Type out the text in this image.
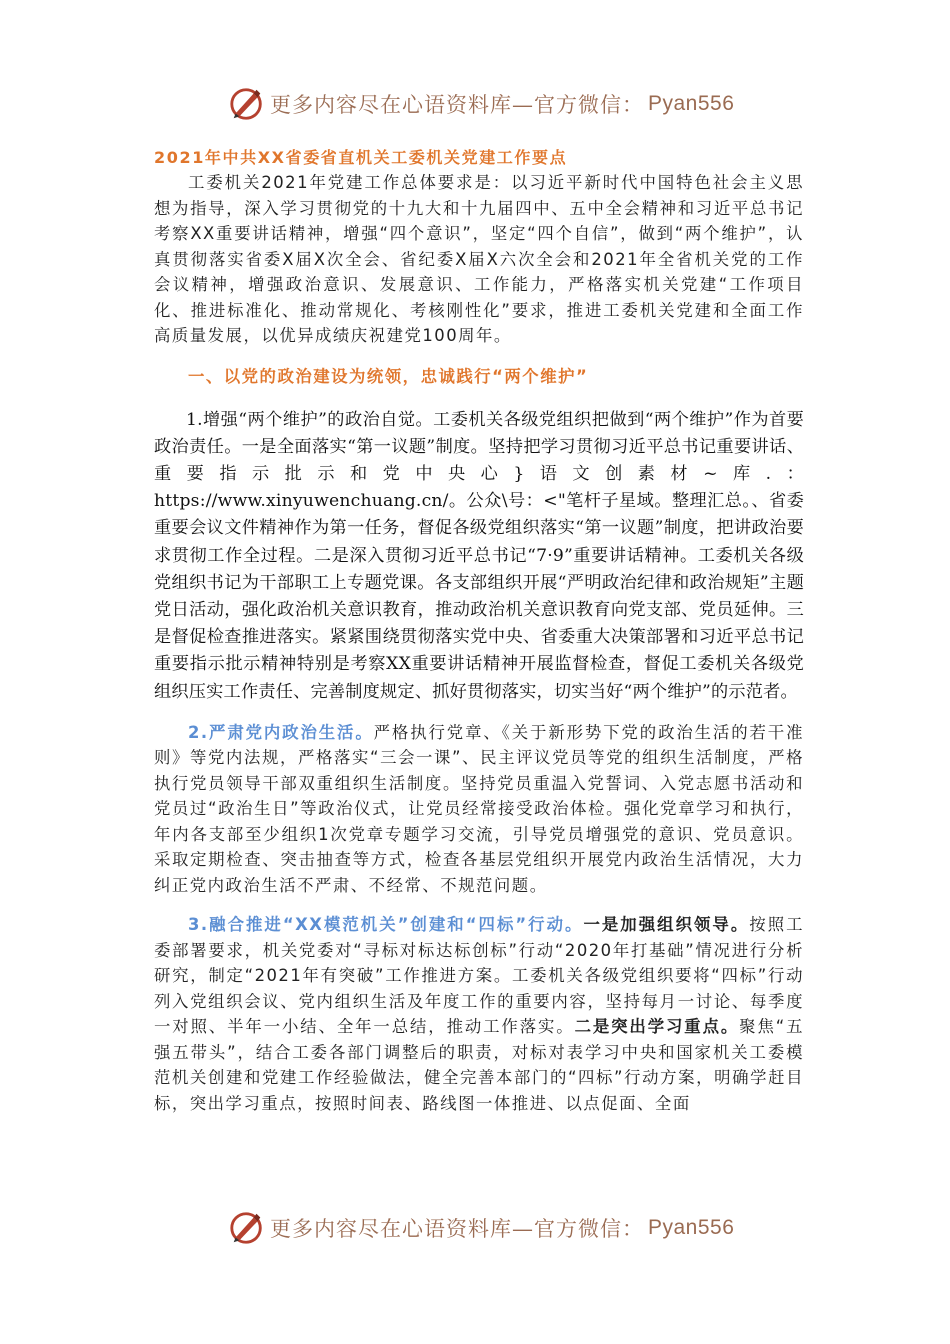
更多内容尽在心语资料库—官方微信： Pyan556

2021年中共XX省委省直机关工委机关党建工作要点

工委机关2021年党建工作总体要求是：以习近平新时代中国特色社会主义思想为指导，深入学习贯彻党的十九大和十九届四中、五中全会精神和习近平总书记考察XX重要讲话精神，增强“四个意识”，坚定“四个自信”，做到“两个维护”，认真贯彻落实省委X届X次全会、省纪委X届X六次全会和2021年全省机关党的工作会议精神，增强政治意识、发展意识、工作能力，严格落实机关党建“工作项目化、推进标准化、推动常规化、考核刚性化”要求，推进工委机关党建和全面工作高质量发展，以优异成绩庆祝建党100周年。

一、以党的政治建设为统领，忠诚践行“两个维护”

1.增强“两个维护”的政治自觉。工委机关各级党组织把做到“两个维护”作为首要政治责任。一是全面落实“第一议题”制度。坚持把学习贯彻习近平总书记重要讲话、重要指示批示和党中央心}语文创素材~库.：https://www.xinyuwenchuang.cn/。公众\号：<"笔杆子星域。整理汇总。、省委重要会议文件精神作为第一任务，督促各级党组织落实“第一议题”制度，把讲政治要求贯彻工作全过程。二是深入贯彻习近平总书记“7·9”重要讲话精神。工委机关各级党组织书记为干部职工上专题党课。各支部组织开展“严明政治纪律和政治规矩”主题党日活动，强化政治机关意识教育，推动政治机关意识教育向党支部、党员延伸。三是督促检查推进落实。紧紧围绕贯彻落实党中央、省委重大决策部署和习近平总书记重要指示批示精神特别是考察XX重要讲话精神开展监督检查，督促工委机关各级党组织压实工作责任、完善制度规定、抓好贯彻落实，切实当好“两个维护”的示范者。

2.严肃党内政治生活。严格执行党章、《关于新形势下党的政治生活的若干准则》等党内法规，严格落实“三会一课”、民主评议党员等党的组织生活制度，严格执行党员领导干部双重组织生活制度。坚持党员重温入党誓词、入党志愿书活动和党员过“政治生日”等政治仪式，让党员经常接受政治体检。强化党章学习和执行，年内各支部至少组织1次党章专题学习交流，引导党员增强党的意识、党员意识。采取定期检查、突击抽查等方式，检查各基层党组织开展党内政治生活情况，大力纠正党内政治生活不严肃、不经常、不规范问题。

3.融合推进“XX模范机关”创建和“四标”行动。一是加强组织领导。按照工委部署要求，机关党委对“寻标对标达标创标”行动“2020年打基础”情况进行分析研究，制定“2021年有突破”工作推进方案。工委机关各级党组织要将“四标”行动列入党组织会议、党内组织生活及年度工作的重要内容，坚持每月一讨论、每季度一对照、半年一小结、全年一总结，推动工作落实。二是突出学习重点。聚焦“五强五带头”，结合工委各部门调整后的职责，对标对表学习中央和国家机关工委模范机关创建和党建工作经验做法，健全完善本部门的“四标”行动方案，明确学赶目标，突出学习重点，按照时间表、路线图一体推进、以点促面、全面

更多内容尽在心语资料库—官方微信： Pyan556
